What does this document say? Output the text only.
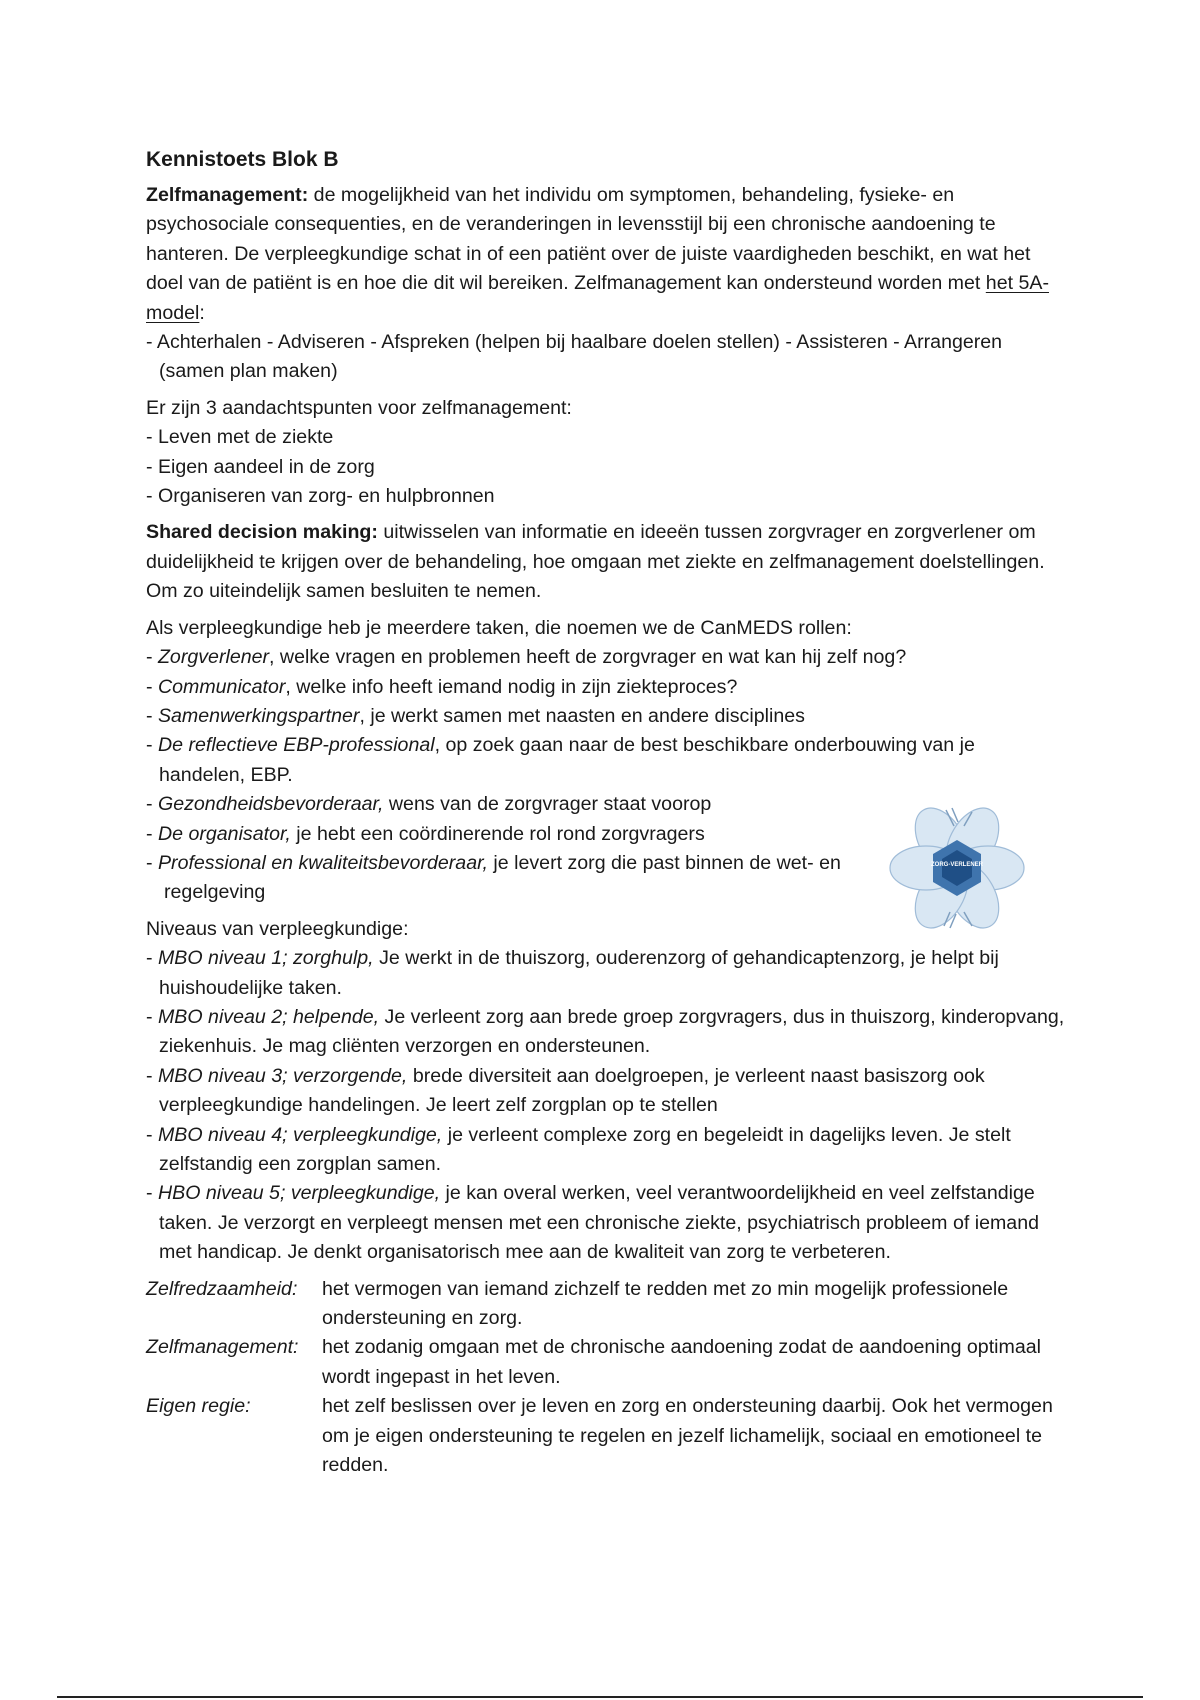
Kennistoets Blok B

Zelfmanagement: de mogelijkheid van het individu om symptomen, behandeling, fysieke- en psychosociale consequenties, en de veranderingen in levensstijl bij een chronische aandoening te hanteren. De verpleegkundige schat in of een patiënt over de juiste vaardigheden beschikt, en wat het doel van de patiënt is en hoe die dit wil bereiken. Zelfmanagement kan ondersteund worden met het 5A-model:

- Achterhalen - Adviseren - Afspreken (helpen bij haalbare doelen stellen) - Assisteren - Arrangeren (samen plan maken)

Er zijn 3 aandachtspunten voor zelfmanagement:

- Leven met de ziekte

- Eigen aandeel in de zorg

- Organiseren van zorg- en hulpbronnen

Shared decision making: uitwisselen van informatie en ideeën tussen zorgvrager en zorgverlener om duidelijkheid te krijgen over de behandeling, hoe omgaan met ziekte en zelfmanagement doelstellingen. Om zo uiteindelijk samen besluiten te nemen.

Als verpleegkundige heb je meerdere taken, die noemen we de CanMEDS rollen:

- Zorgverlener, welke vragen en problemen heeft de zorgvrager en wat kan hij zelf nog?

- Communicator, welke info heeft iemand nodig in zijn ziekteproces?

- Samenwerkingspartner, je werkt samen met naasten en andere disciplines

- De reflectieve EBP-professional, op zoek gaan naar de best beschikbare onderbouwing van je handelen, EBP.

- Gezondheidsbevorderaar, wens van de zorgvrager staat voorop

- De organisator, je hebt een coördinerende rol rond zorgvragers

- Professional en kwaliteitsbevorderaar, je levert zorg die past binnen de wet- en regelgeving

Niveaus van verpleegkundige:

- MBO niveau 1; zorghulp, Je werkt in de thuiszorg, ouderenzorg of gehandicaptenzorg, je helpt bij huishoudelijke taken.

- MBO niveau 2; helpende, Je verleent zorg aan brede groep zorgvragers, dus in thuiszorg, kinderopvang, ziekenhuis. Je mag cliënten verzorgen en ondersteunen.

- MBO niveau 3; verzorgende, brede diversiteit aan doelgroepen, je verleent naast basiszorg ook verpleegkundige handelingen. Je leert zelf zorgplan op te stellen

- MBO niveau 4; verpleegkundige, je verleent complexe zorg en begeleidt in dagelijks leven. Je stelt zelfstandig een zorgplan samen.

- HBO niveau 5; verpleegkundige, je kan overal werken, veel verantwoordelijkheid en veel zelfstandige taken. Je verzorgt en verpleegt mensen met een chronische ziekte, psychiatrisch probleem of iemand met handicap. Je denkt organisatorisch mee aan de kwaliteit van zorg te verbeteren.

Zelfredzaamheid:	het vermogen van iemand zichzelf te redden met zo min mogelijk professionele ondersteuning en zorg.
Zelfmanagement:	het zodanig omgaan met de chronische aandoening zodat de aandoening optimaal wordt ingepast in het leven.
Eigen regie:	het zelf beslissen over je leven en zorg en ondersteuning daarbij. Ook het vermogen om je eigen ondersteuning te regelen en jezelf lichamelijk, sociaal en emotioneel te redden.
ZORG-VERLENER
